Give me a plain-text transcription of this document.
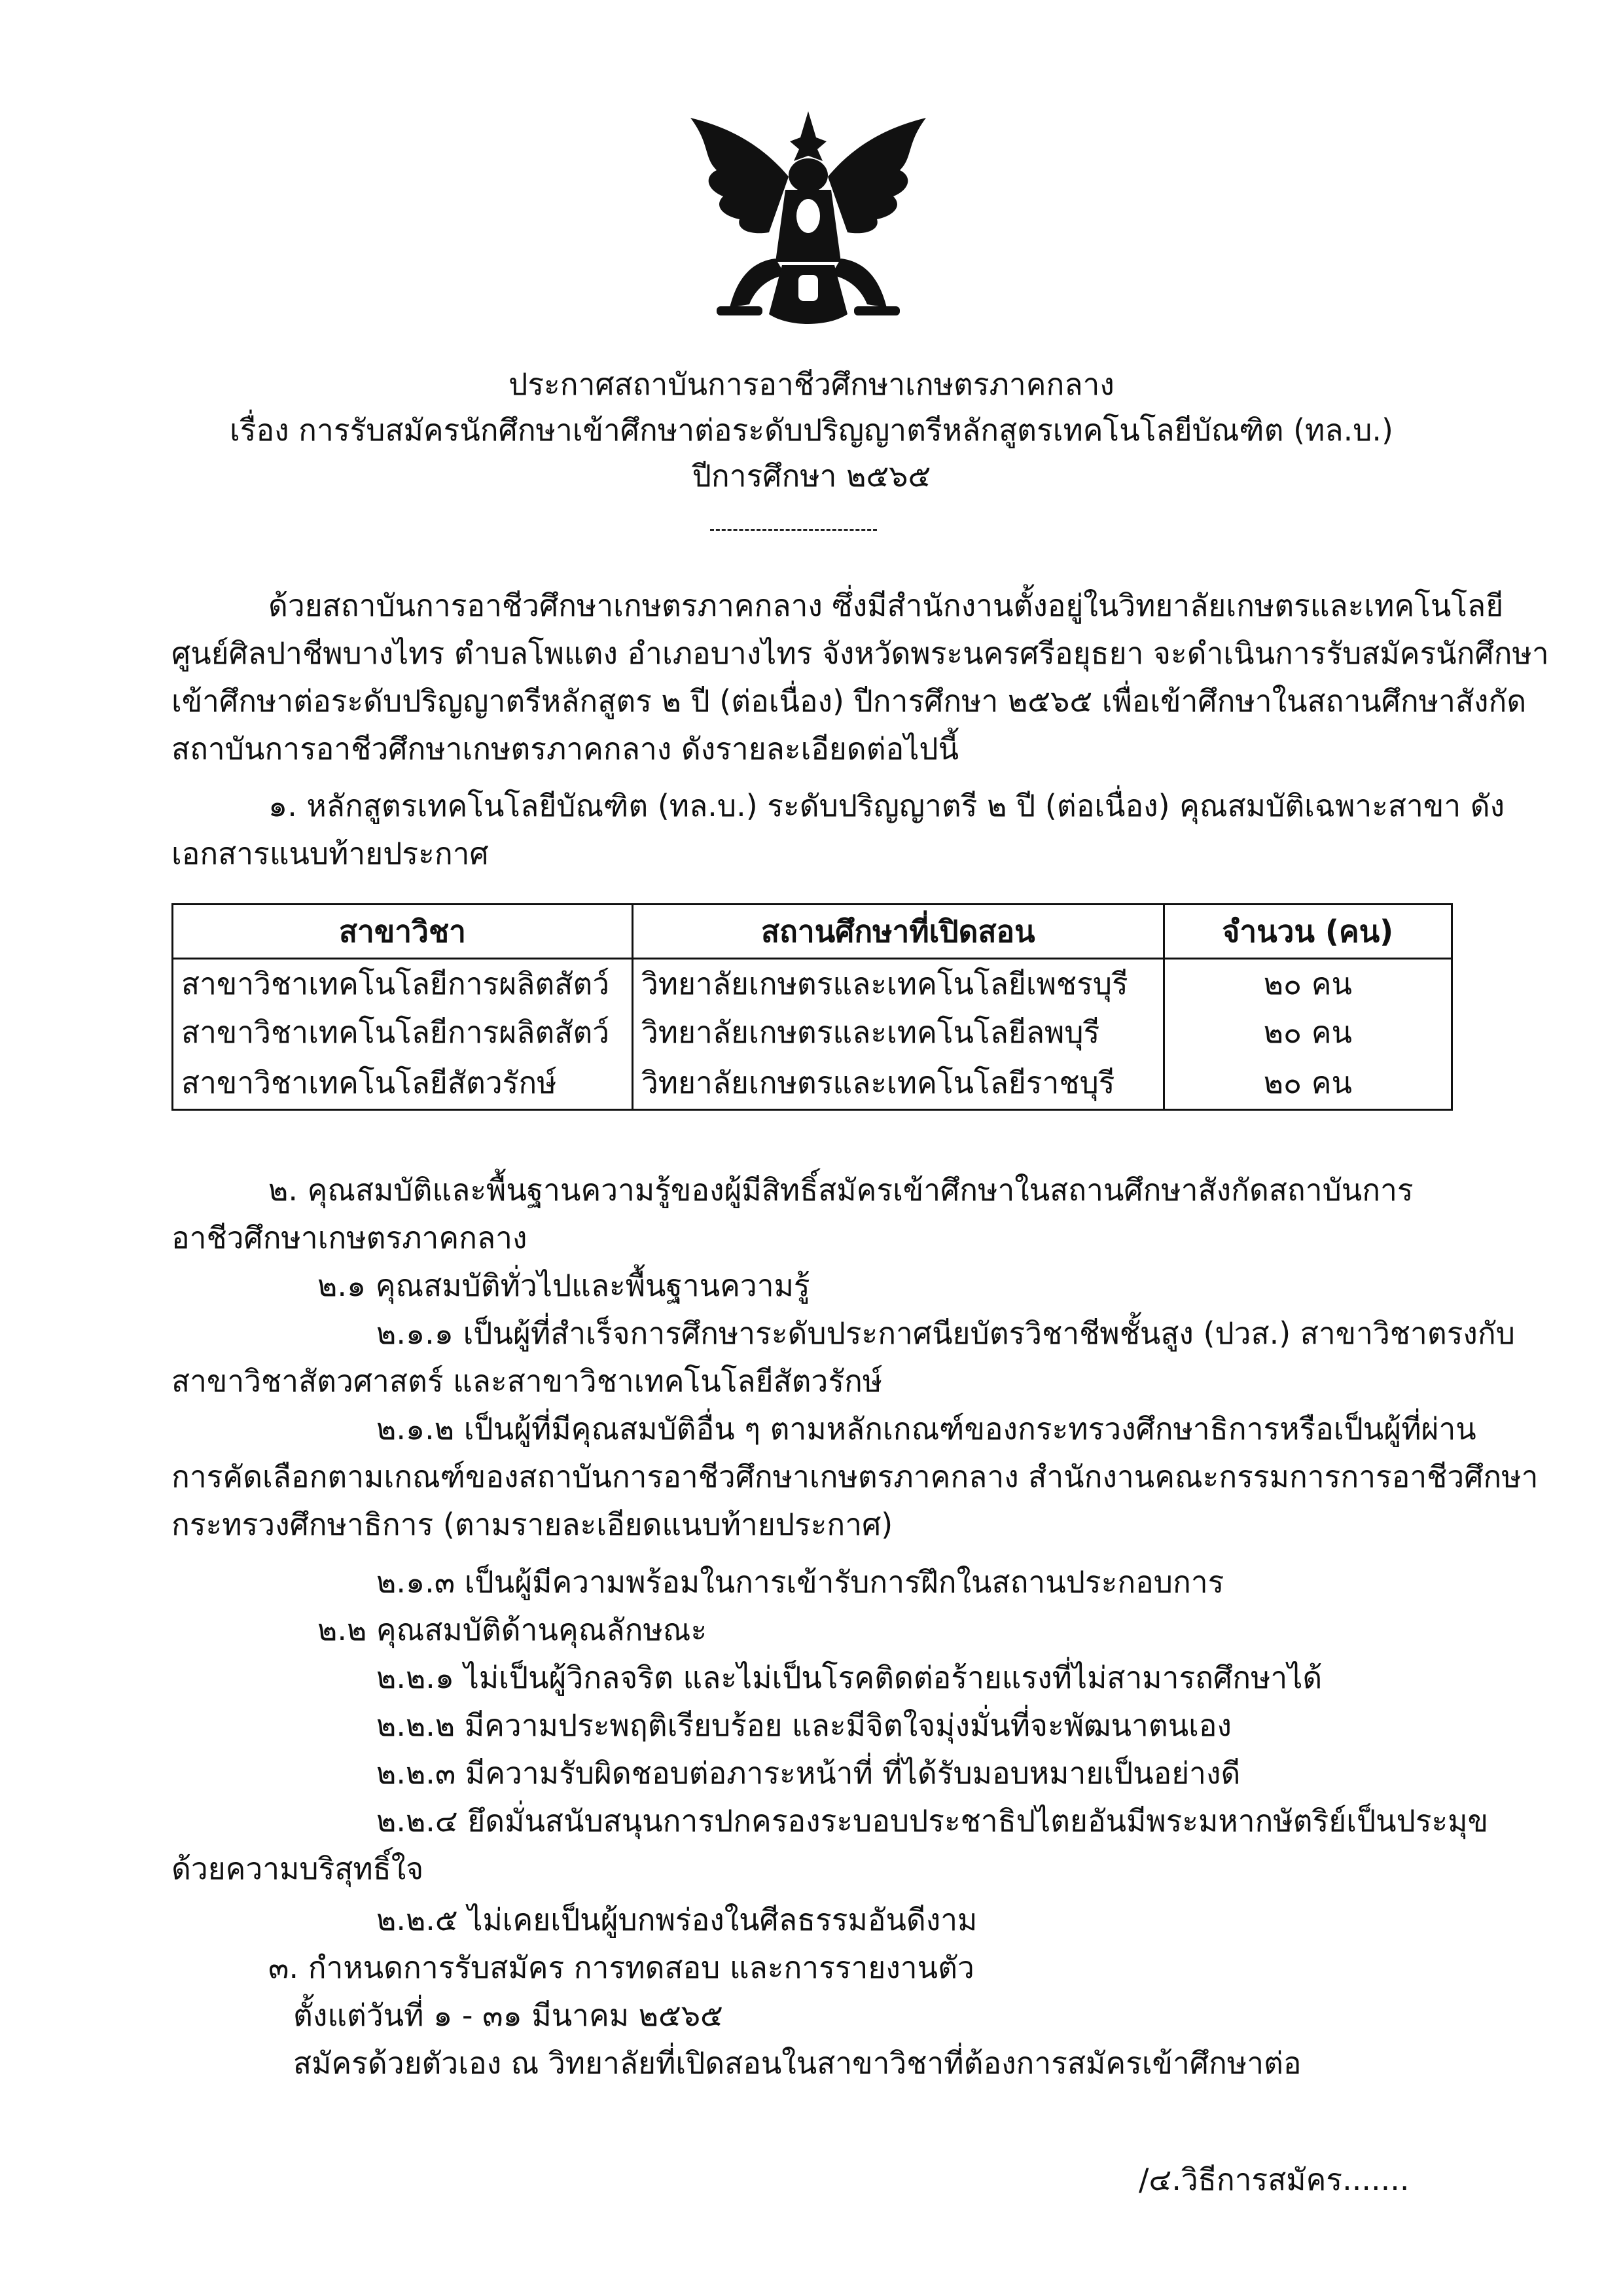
ประกาศสถาบันการอาชีวศึกษาเกษตรภาคกลาง
เรื่อง การรับสมัครนักศึกษาเข้าศึกษาต่อระดับปริญญาตรีหลักสูตรเทคโนโลยีบัณฑิต (ทล.บ.)
ปีการศึกษา ๒๕๖๕
ด้วยสถาบันการอาชีวศึกษาเกษตรภาคกลาง ซึ่งมีสำนักงานตั้งอยู่ในวิทยาลัยเกษตรและเทคโนโลยี
ศูนย์ศิลปาชีพบางไทร ตำบลโพแตง อำเภอบางไทร จังหวัดพระนครศรีอยุธยา จะดำเนินการรับสมัครนักศึกษา
เข้าศึกษาต่อระดับปริญญาตรีหลักสูตร ๒ ปี (ต่อเนื่อง) ปีการศึกษา ๒๕๖๕ เพื่อเข้าศึกษาในสถานศึกษาสังกัด
สถาบันการอาชีวศึกษาเกษตรภาคกลาง ดังรายละเอียดต่อไปนี้
๑. หลักสูตรเทคโนโลยีบัณฑิต (ทล.บ.) ระดับปริญญาตรี ๒ ปี (ต่อเนื่อง) คุณสมบัติเฉพาะสาขา ดัง
เอกสารแนบท้ายประกาศ
สาขาวิชา	สถานศึกษาที่เปิดสอน	จำนวน (คน)
สาขาวิชาเทคโนโลยีการผลิตสัตว์	วิทยาลัยเกษตรและเทคโนโลยีเพชรบุรี	๒๐ คน
สาขาวิชาเทคโนโลยีการผลิตสัตว์	วิทยาลัยเกษตรและเทคโนโลยีลพบุรี	๒๐ คน
สาขาวิชาเทคโนโลยีสัตวรักษ์	วิทยาลัยเกษตรและเทคโนโลยีราชบุรี	๒๐ คน
๒. คุณสมบัติและพื้นฐานความรู้ของผู้มีสิทธิ์สมัครเข้าศึกษาในสถานศึกษาสังกัดสถาบันการ
อาชีวศึกษาเกษตรภาคกลาง
๒.๑ คุณสมบัติทั่วไปและพื้นฐานความรู้
๒.๑.๑ เป็นผู้ที่สำเร็จการศึกษาระดับประกาศนียบัตรวิชาชีพชั้นสูง (ปวส.) สาขาวิชาตรงกับ
สาขาวิชาสัตวศาสตร์ และสาขาวิชาเทคโนโลยีสัตวรักษ์
๒.๑.๒ เป็นผู้ที่มีคุณสมบัติอื่น ๆ ตามหลักเกณฑ์ของกระทรวงศึกษาธิการหรือเป็นผู้ที่ผ่าน
การคัดเลือกตามเกณฑ์ของสถาบันการอาชีวศึกษาเกษตรภาคกลาง สำนักงานคณะกรรมการการอาชีวศึกษา
กระทรวงศึกษาธิการ (ตามรายละเอียดแนบท้ายประกาศ)
๒.๑.๓ เป็นผู้มีความพร้อมในการเข้ารับการฝึกในสถานประกอบการ
๒.๒ คุณสมบัติด้านคุณลักษณะ
๒.๒.๑ ไม่เป็นผู้วิกลจริต และไม่เป็นโรคติดต่อร้ายแรงที่ไม่สามารถศึกษาได้
๒.๒.๒ มีความประพฤติเรียบร้อย และมีจิตใจมุ่งมั่นที่จะพัฒนาตนเอง
๒.๒.๓ มีความรับผิดชอบต่อภาระหน้าที่ ที่ได้รับมอบหมายเป็นอย่างดี
๒.๒.๔ ยึดมั่นสนับสนุนการปกครองระบอบประชาธิปไตยอันมีพระมหากษัตริย์เป็นประมุข
ด้วยความบริสุทธิ์ใจ
๒.๒.๕ ไม่เคยเป็นผู้บกพร่องในศีลธรรมอันดีงาม
๓. กำหนดการรับสมัคร การทดสอบ และการรายงานตัว
ตั้งแต่วันที่ ๑ - ๓๑ มีนาคม ๒๕๖๕
สมัครด้วยตัวเอง ณ วิทยาลัยที่เปิดสอนในสาขาวิชาที่ต้องการสมัครเข้าศึกษาต่อ
/๔.วิธีการสมัคร.......
